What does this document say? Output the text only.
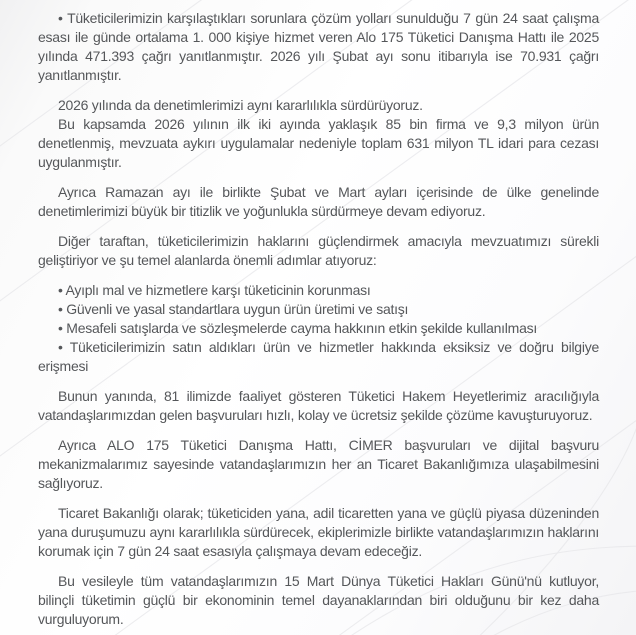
• Tüketicilerimizin karşılaştıkları sorunlara çözüm yolları sunulduğu 7 gün 24 saat çalışma esası ile günde ortalama 1. 000 kişiye hizmet veren Alo 175 Tüketici Danışma Hattı ile 2025 yılında 471.393 çağrı yanıtlanmıştır. 2026 yılı Şubat ayı sonu itibarıyla ise 70.931 çağrı yanıtlanmıştır.

2026 yılında da denetimlerimizi aynı kararlılıkla sürdürüyoruz.

Bu kapsamda 2026 yılının ilk iki ayında yaklaşık 85 bin firma ve 9,3 milyon ürün denetlenmiş, mevzuata aykırı uygulamalar nedeniyle toplam 631 milyon TL idari para cezası uygulanmıştır.

Ayrıca Ramazan ayı ile birlikte Şubat ve Mart ayları içerisinde de ülke genelinde denetimlerimizi büyük bir titizlik ve yoğunlukla sürdürmeye devam ediyoruz.

Diğer taraftan, tüketicilerimizin haklarını güçlendirmek amacıyla mevzuatımızı sürekli geliştiriyor ve şu temel alanlarda önemli adımlar atıyoruz:

• Ayıplı mal ve hizmetlere karşı tüketicinin korunması

• Güvenli ve yasal standartlara uygun ürün üretimi ve satışı

• Mesafeli satışlarda ve sözleşmelerde cayma hakkının etkin şekilde kullanılması

• Tüketicilerimizin satın aldıkları ürün ve hizmetler hakkında eksiksiz ve doğru bilgiye erişmesi

Bunun yanında, 81 ilimizde faaliyet gösteren Tüketici Hakem Heyetlerimiz aracılığıyla vatandaşlarımızdan gelen başvuruları hızlı, kolay ve ücretsiz şekilde çözüme kavuşturuyoruz.

Ayrıca ALO 175 Tüketici Danışma Hattı, CİMER başvuruları ve dijital başvuru mekanizmalarımız sayesinde vatandaşlarımızın her an Ticaret Bakanlığımıza ulaşabilmesini sağlıyoruz.

Ticaret Bakanlığı olarak; tüketiciden yana, adil ticaretten yana ve güçlü piyasa düzeninden yana duruşumuzu aynı kararlılıkla sürdürecek, ekiplerimizle birlikte vatandaşlarımızın haklarını korumak için 7 gün 24 saat esasıyla çalışmaya devam edeceğiz.

Bu vesileyle tüm vatandaşlarımızın 15 Mart Dünya Tüketici Hakları Günü'nü kutluyor, bilinçli tüketimin güçlü bir ekonominin temel dayanaklarından biri olduğunu bir kez daha vurguluyorum.
